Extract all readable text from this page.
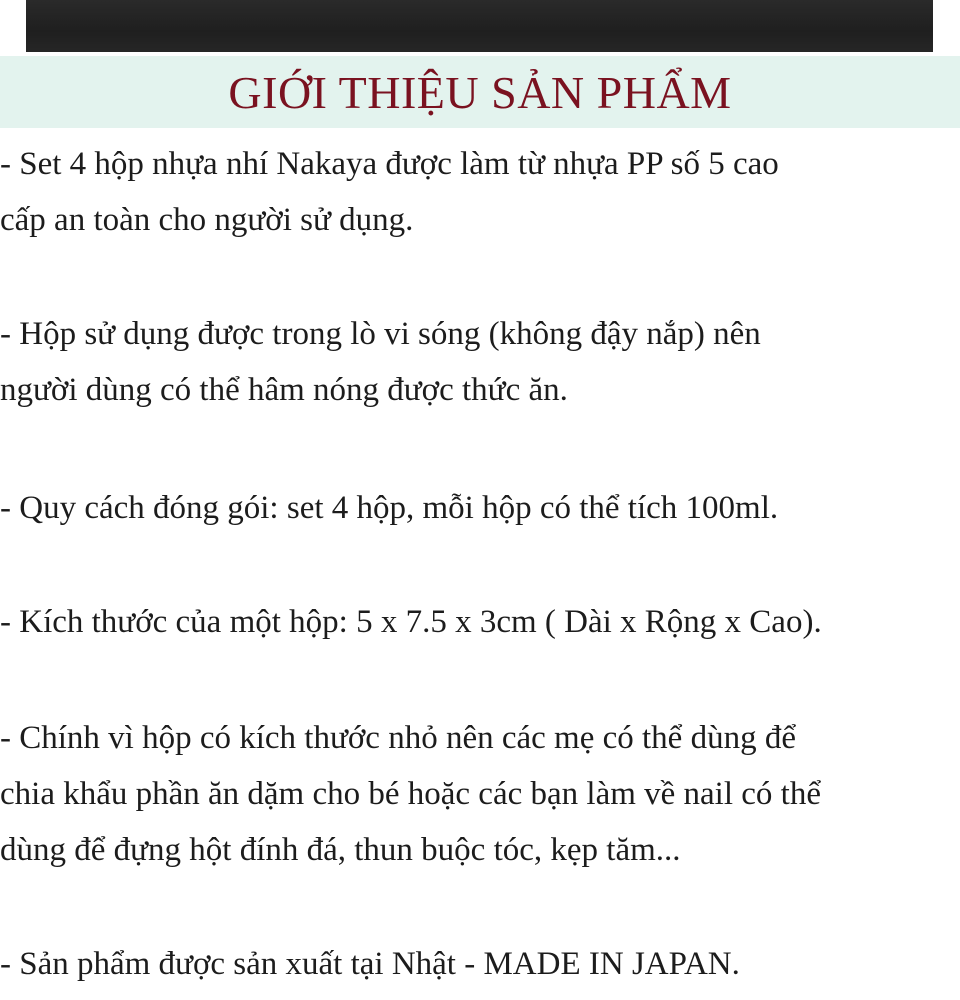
GIỚI THIỆU SẢN PHẨM

- Set 4 hộp nhựa nhí Nakaya được làm từ nhựa PP số 5 cao
cấp an toàn cho người sử dụng.

- Hộp sử dụng được trong lò vi sóng (không đậy nắp) nên
người dùng có thể hâm nóng được thức ăn.

- Quy cách đóng gói: set 4 hộp, mỗi hộp có thể tích 100ml.

- Kích thước của một hộp: 5 x 7.5 x 3cm ( Dài x Rộng x Cao).

- Chính vì hộp có kích thước nhỏ nên các mẹ có thể dùng để
chia khẩu phần ăn dặm cho bé hoặc các bạn làm về nail có thể
dùng để đựng hột đính đá, thun buộc tóc, kẹp tăm...

- Sản phẩm được sản xuất tại Nhật - MADE IN JAPAN.
